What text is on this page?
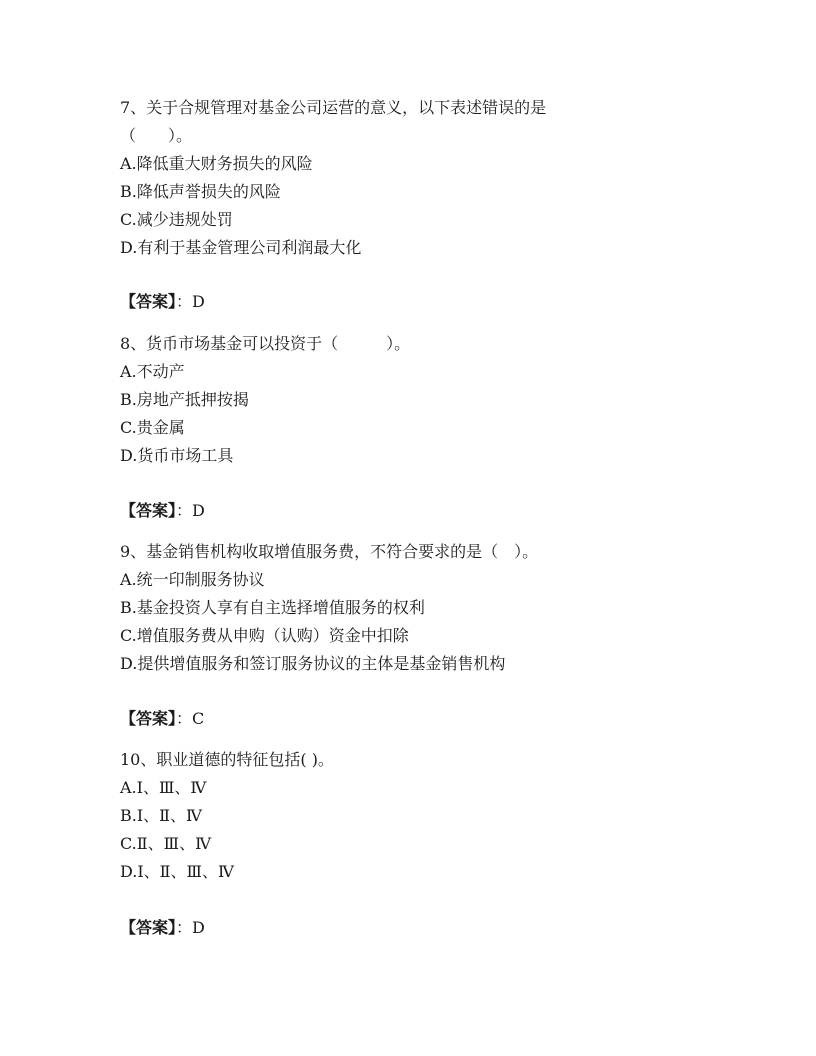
7、关于合规管理对基金公司运营的意义，以下表述错误的是
（　　）。
A.降低重大财务损失的风险
B.降低声誉损失的风险
C.减少违规处罚
D.有利于基金管理公司利润最大化
【答案】：D
8、货币市场基金可以投资于（　　　）。
A.不动产
B.房地产抵押按揭
C.贵金属
D.货币市场工具
【答案】：D
9、基金销售机构收取增值服务费，不符合要求的是（　）。
A.统一印制服务协议
B.基金投资人享有自主选择增值服务的权利
C.增值服务费从申购（认购）资金中扣除
D.提供增值服务和签订服务协议的主体是基金销售机构
【答案】：C
10、职业道德的特征包括( )。
A.Ⅰ、Ⅲ、Ⅳ
B.Ⅰ、Ⅱ、Ⅳ
C.Ⅱ、Ⅲ、Ⅳ
D.Ⅰ、Ⅱ、Ⅲ、Ⅳ
【答案】：D
